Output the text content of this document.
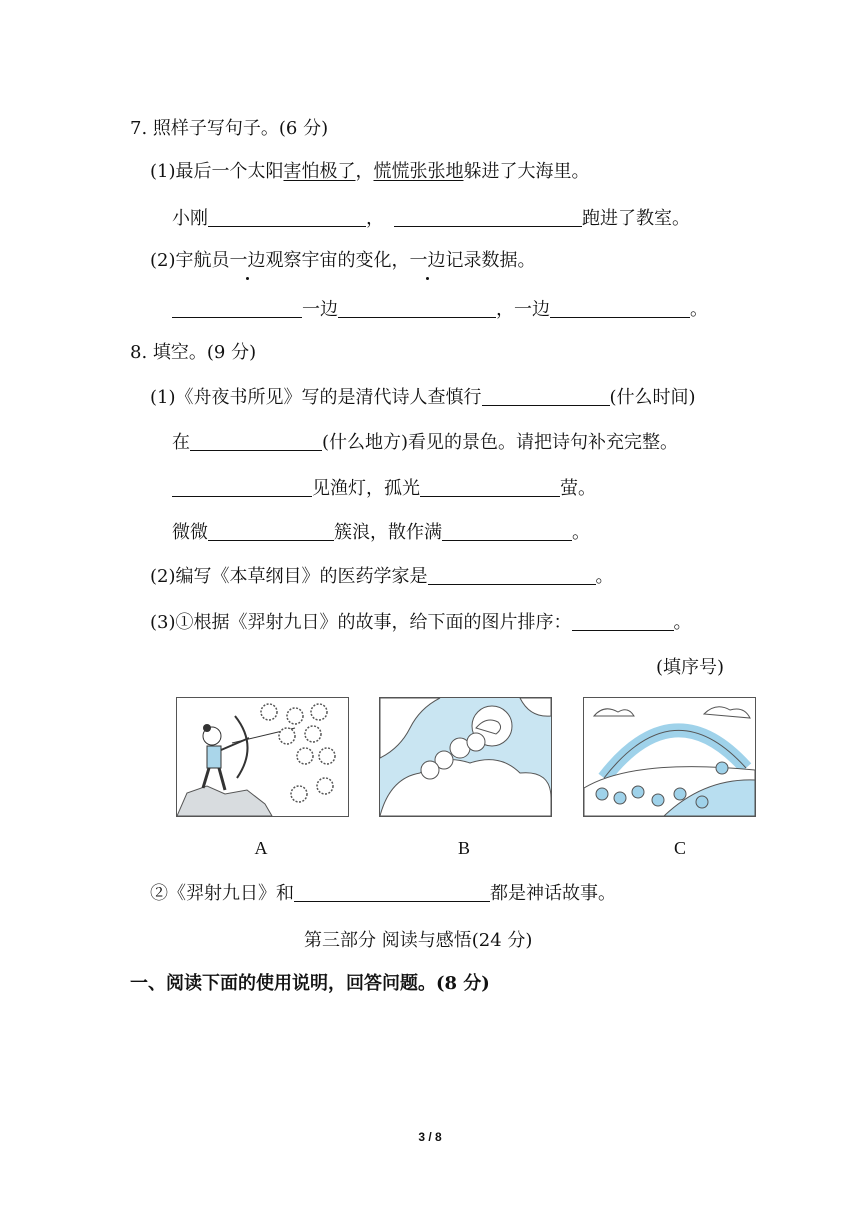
7. 照样子写句子。(6 分)
(1)最后一个太阳害怕极了，慌慌张张地躲进了大海里。
小刚	，	跑进了教室。
(2)宇航员一边观察宇宙的变化，一边记录数据。
一边	，一边	。
8. 填空。(9 分)
(1)《舟夜书所见》写的是清代诗人查慎行	(什么时间)
在	(什么地方)看见的景色。请把诗句补充完整。
见渔灯，孤光	萤。
微微	簇浪，散作满	。
(2)编写《本草纲目》的医药学家是	。
(3)①根据《羿射九日》的故事，给下面的图片排序：	。
(填序号)
A	B	C
②《羿射九日》和	都是神话故事。
第三部分 阅读与感悟(24 分)
一、阅读下面的使用说明，回答问题。(8 分)
3 / 8
